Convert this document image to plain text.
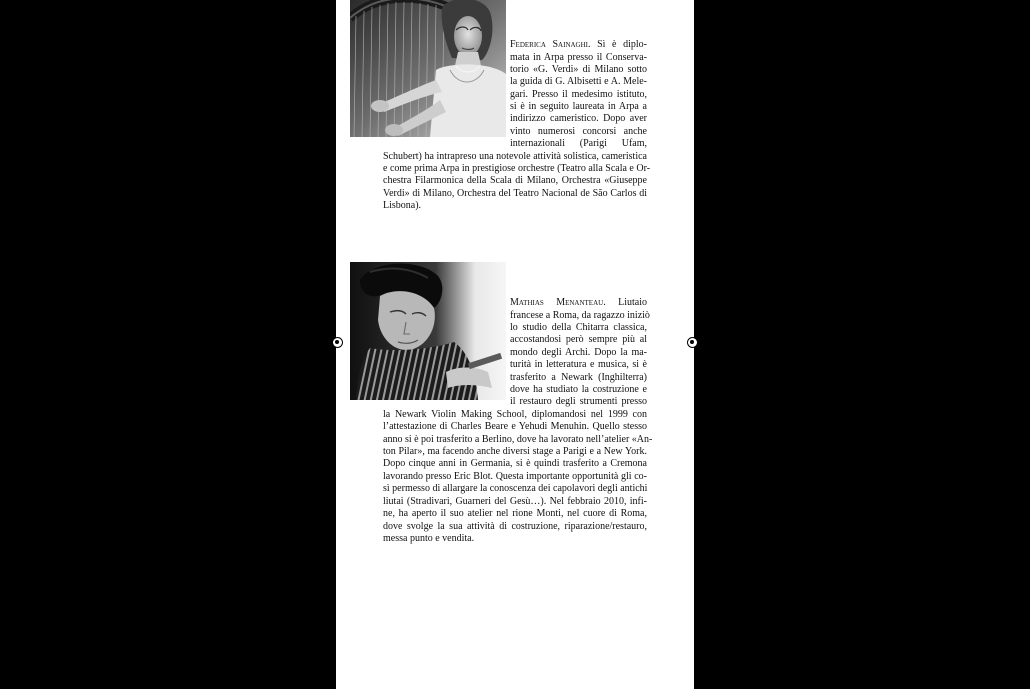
Federica Sainaghi. Sì è diplo-
mata in Arpa presso il Conserva-
torio «G. Verdi» di Milano sotto
la guida di G. Albisetti e A. Mele-
gari. Presso il medesimo istituto,
si è in seguito laureata in Arpa a
indirizzo cameristico. Dopo aver
vinto numerosi concorsi anche
internazionali (Parigi Ufam,
Schubert) ha intrapreso una notevole attività solistica, cameristica
e come prima Arpa in prestigiose orchestre (Teatro alla Scala e Or-
chestra Filarmonica della Scala di Milano, Orchestra «Giuseppe
Verdi» di Milano, Orchestra del Teatro Nacional de São Carlos di
Lisbona).
Mathias Menanteau. Liutaio
francese a Roma, da ragazzo iniziò
lo studio della Chitarra classica,
accostandosi però sempre più al
mondo degli Archi. Dopo la ma-
turità in letteratura e musica, si è
trasferito a Newark (Inghilterra)
dove ha studiato la costruzione e
il restauro degli strumenti presso
la Newark Violin Making School, diplomandosi nel 1999 con
l’attestazione di Charles Beare e Yehudi Menuhin. Quello stesso
anno si è poi trasferito a Berlino, dove ha lavorato nell’atelier «An-
ton Pilar», ma facendo anche diversi stage a Parigi e a New York.
Dopo cinque anni in Germania, si è quindi trasferito a Cremona
lavorando presso Eric Blot. Questa importante opportunità gli co-
sì permesso di allargare la conoscenza dei capolavori degli antichi
liutai (Stradivari, Guarneri del Gesù…). Nel febbraio 2010, infi-
ne, ha aperto il suo atelier nel rione Monti, nel cuore di Roma,
dove svolge la sua attività di costruzione, riparazione/restauro,
messa punto e vendita.
